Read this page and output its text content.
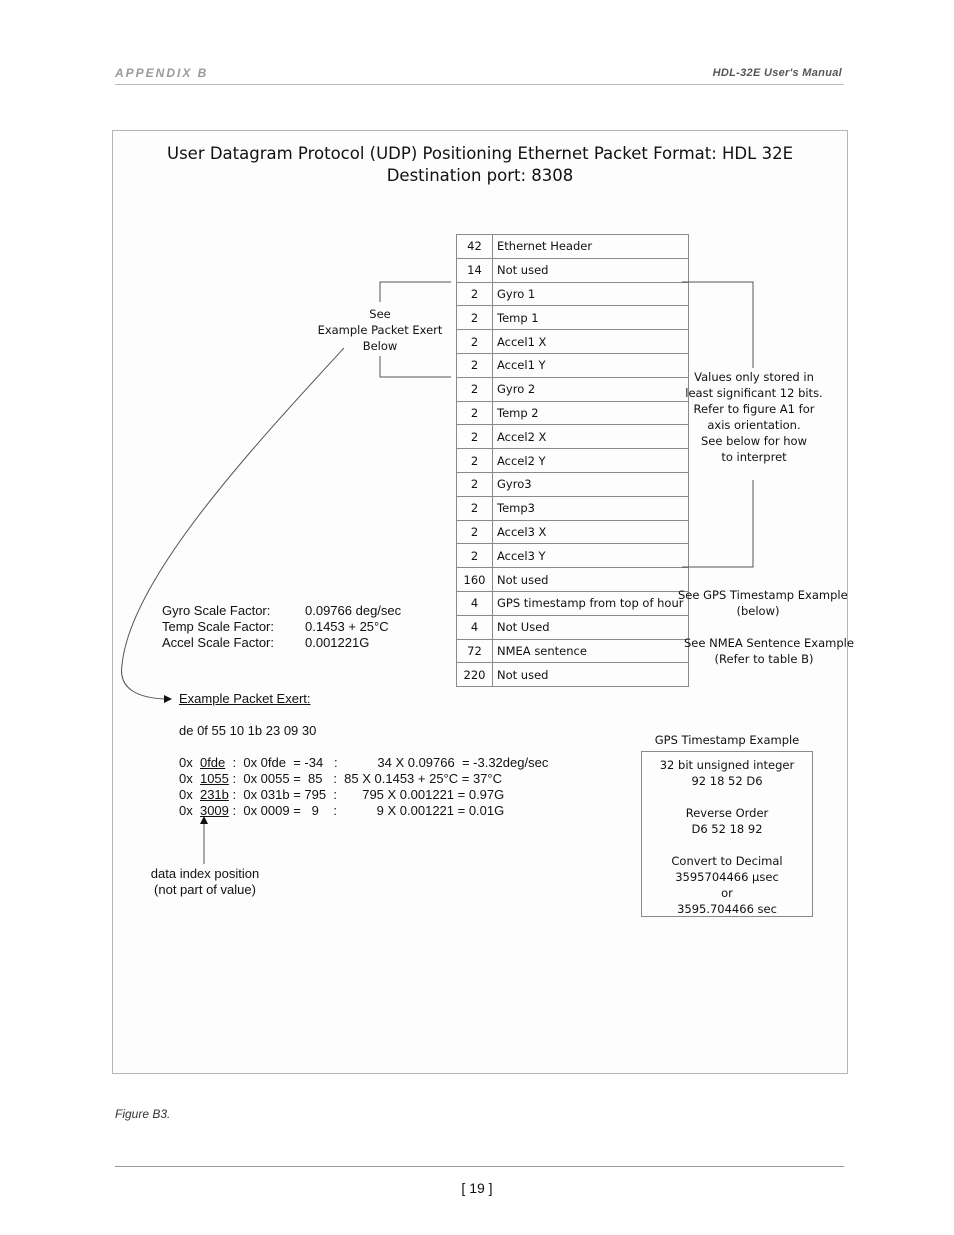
APPENDIX B	HDL-32E User's Manual
User Datagram Protocol (UDP) Positioning Ethernet Packet Format: HDL 32E
Destination port: 8308
42	Ethernet Header
14	Not used
2	Gyro 1
2	Temp 1
2	Accel1 X
2	Accel1 Y
2	Gyro 2
2	Temp 2
2	Accel2 X
2	Accel2 Y
2	Gyro3
2	Temp3
2	Accel3 X
2	Accel3 Y
160	Not used
4	GPS timestamp from top of hour
4	Not Used
72	NMEA sentence
220	Not used
See
Example Packet Exert
Below
Values only stored in
least significant 12 bits.
Refer to figure A1 for
axis orientation.
See below for how
to interpret
See GPS Timestamp Example
(below)
See NMEA Sentence Example
(Refer to table B)
Gyro Scale Factor:	0.09766 deg/sec
Temp Scale Factor:	0.1453 + 25°C
Accel Scale Factor:	0.001221G
Example Packet Exert:
de 0f 55 10 1b 23 09 30
0x  0fde  :  0x 0fde  = -34   :           34 X 0.09766  = -3.32deg/sec
0x  1055 :  0x 0055 =  85   :  85 X 0.1453 + 25°C = 37°C
0x  231b :  0x 031b = 795  :       795 X 0.001221 = 0.97G
0x  3009 :  0x 0009 =   9    :           9 X 0.001221 = 0.01G
data index position
(not part of value)
GPS Timestamp Example
32 bit unsigned integer
92 18 52 D6
Reverse Order
D6 52 18 92
Convert to Decimal
3595704466 µsec
or
3595.704466 sec
Figure B3.
[ 19 ]
